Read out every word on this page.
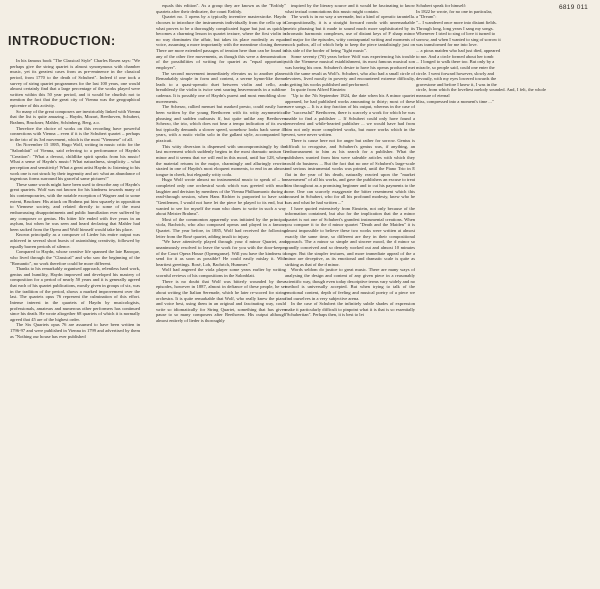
6819 011
INTRODUCTION:

In his famous book "The Classical Style" Charles Rosen says: "We perhaps give the string quartet is almost synonymous with chamber music, yet its greatest cases from as pre-eminence in the classical period, from 1770 to the death of Schubert". Indeed if one took a survey of string quartet programmes for the last 100 years, one would almost certainly find that a large percentage of the works played were written within this 50 year period, and it would be churlish not to mention the fact that the great city of Vienna was the geographical epicentre of this activity.

So many of the great composers are inextricably linked with Vienna that the list is quite amazing – Haydn, Mozart, Beethoven, Schubert, Brahms, Bruckner, Mahler, Schönberg, Berg, a.o.

Therefore the choice of works on this recording have powerful connections with Vienna – even if it is the Schubert quartet – perhaps in the trio of its 3rd movement, which is the most "Viennese" of all.

On November 15 1885, Hugo Wolf, writing in music critic for the "Salonblatt" of Vienna, said referring to a performance of Haydn's "Creation": "What a devout, childlike spirit speaks from his music! What a sense of Haydn's music! What naturalness, simplicity – what perception and sensitivity! What a great artist Haydn is: listening to his work one is not struck by their ingenuity and art: what an abundance of ingenious forms surround his graceful same pictures!"

These same words might have been used to describe any of Haydn's great quartets. Wolf was not known for his kindness towards many of his contemporaries, with the notable exception of Wagner and to some extent, Bruckner. His attack on Brahms put him squarely in opposition to Viennese society, and related directly to some of the most embarrassing disappointments and public humiliation ever suffered by any composer or genius. His bitter life ended with five years in an asylum, but when he was seen and heard declaring that Mahler had been sacked from the Opera and Wolf himself would take his place.

Known principally as a composer of Lieder his entire output was achieved in several short bursts of astonishing creativity, followed by equally barren periods of silence.

Compared to Haydn, whose creative life spanned the late Baroque, who lived through the "Classical" and who saw the beginning of the "Romantic", no work therefore could be more different.

Thanks to his remarkably organised approach, relentless hard work, genius and humility, Haydn improved and developed his mastery of composition for a period of nearly 50 years and it is generally agreed that each of his quartet publications, mostly given in groups of six, was in the tradition of the period, shows a marked improvement over the last. The quartets opus 76 represent the culmination of this effort. Intense interest in the quartets of Haydn by musicologists, professionals, amateurs and numerous other performers has continued since his death. He wrote altogether 68 quartets of which it is normally agreed that 45 are of the highest order.

The Six Quartets opus 76 are assumed to have been written in 1796-97 and were published in Vienna in 1799 and advertised by them as "Nothing our house has ever published

equals this edition". As a group they are known as the "Erdödy" quartets after their dedicatee, the count Erdödy.

Quartet no. 1 opens by a typically inventive masterstroke. Haydn chooses to introduce the instruments individually from the cello up in what proves to be a thoroughly complicated fugue but just as quickly becomes a charming lesson in quartet texture, where the first violin in no way dominates the affair, but takes its place modestly as equal voice, assuming a more importantly with the meantime closing theme. There are more extended passages of tension here than can be found in any of the other five movements, as though this were a demonstration of the possibilities of writing for quartet as "equal opportunity employer".

The second movement immediately elevates us to another plane. Remarkably simple in form and content, a serene hymn-like theme leads to a quasi-operatic duet between violin and cello, and breathlessly the violin is twice sent soaring heavenwards in a sublime cadenza. It is possibly one of Haydn's purest and most ennobling slow movements.

The Scherzo, rallied menuet but marked presto, could easily have been written by the young Beethoven with its witty asymmetrical phrasing and sudden outbursts ff, but quite unlike any Beethoven Scherzo, the trio, which does not bear a tempo indication of its own, but typically demands a slower speed, somehow looks back some 40 years, with a rustic violin solo in the gallant style, accompanied by pizzicati.

This witty diversion is dispensed with uncompromisingly by the last movement which suddenly begins in the most dramatic unison G minor and it seems that we will end in this mood, until bar 128, when the material returns in the major, charmingly and alluringly rewrite strated in one of Haydn's most eloquent moments, to end in an almost tongue in cheek, but elegantly witty coda.

Hugo Wolf wrote almost no instrumental music to speak of – he completed only one orchestral work which was greeted with much laughter and derision by members of the Vienna Philharmonic during a read-through session, when Hans Richter is purported to have said "Gentlemen, I would not have let the piece be played to its end, but I wanted to see for myself the man who dares to write in such a way about Meister Brahms".

Most of the commonton apparently was initiated by the principal viola, Bachrich, who also composed operas and played in a famous Quartet. The year before, in 1885, Wolf had received the following letter from the Rosé quartet, adding insult to injury.

"We have attentively played through your d minor Quartet, and unanimously resolved to leave the work for you with the door-keeper of the Court Opera House (Opernganse). Will you have the kindness to send for it as soon as possible? He could easily mislay it. With heartiest greetings. Rosé, Lob, Bachrich, Hummer."

Wolf had angered the viola player some years earlier by writing scornful reviews of his compositions in the Salonblatt.

There is no doubt that Wolf was bitterly wounded by these episodes, however in 1887, almost in defiance of these people, he set about writing the Italian Serenade, which he later re-scored for string orchestra. It is quite remarkable that Wolf, who really knew the piano and voice best, using them in an original and fascinating way, could write so idiomatically for String Quartet, something that has given pause to so many composers after Beethoven. His output although almost entirely of lieder is thoroughly

inspired by the literary source and it would be fascinating to know what textual connotations this music might contain.

The work is in no way a serenade, but a kind of operatic tarantella. Compositionally, it is a straight forward rondo with unremarkable metric phrasing but it made to sound much more sophisticated by its chromatic harmonic complexes, use of distant keys of F sharp minor and major for the episodes, witty contrapuntal writing and moments of mock pathos, all of which help to keep the piece tantalisingly just on this side of the border of being "light music".

Some seventy (70) years before Wolf was experiencing his trouble with the Viennese musical establishment, its most famous musical son was having his own. Schubert's desire to have his operas produced met with the same result as Wolf's. Schubert, who also had a small circle of devotees, lived mostly in poverty and encountered extreme difficulty, in getting his works published and performed.

In quote from Alfred Einstein:

"Up to the 7th September 1824, the date when his A minor quartet appeared, he had published works amounting to thirty; most of these were songs ... It is a tiny fraction of his output, whereas in the case of the "successful" Beethoven, there is scarcely a work for which he was unable to find a publisher ... If Schubert could only have found a benevolent and while-hearted publisher ... we would have had from him not only more completed works, but more works which in the event, were never written.

There is cause here not for anger but rather for sorrow. Genius is difficult to recognise, and Schubert's genius was, if anything, an embarrassment to him as his search for a publisher. What the publishers wanted from him were saleable articles with which they could do business ... But the fact that no one of Schubert's large-scale and serious instrumental works was printed, until the Piano Trio in E flat in the year of his death, naturally reacted upon the "market assessment" of all his works, and gave the publishers an excuse to treat him throughout as a promising beginner and to cut his payments to the bone. One can scarcely exaggerate the bitter resentment which this aroused in Schubert, who for all his profound modesty, knew who he was and what he had written ..."

I have quoted extensively from Einstein, not only because of the information contained, but also for the implication that the a minor quartet is not one of Schubert's grandest instrumental creations. When you compare it to the d minor quartet "Death and the Maiden" it is almost impossible to believe these two works were written at almost exactly the same time, so different are they in their compositional approach. The a minor so simple and sincere mood, the d minor so grandly conceived and so densely worked out and almost 10 minutes longer. But the simpler textures, and more immediate appeal of the a minor are deceptive, as its emotional and dramatic scale is quite as striking as that of the d minor.

Words seldom do justice to great music. There are many ways of analysing the design and content of any given piece in a reasonably scientific way, though even today descriptive terms vary widely and no method is universally accepted. But when trying to talk of the emotional content, depth of feeling and musical poetry of a piece we find ourselves in a very subjective arena.

In the case of Schubert the infinitely subtle shades of expression make it particularly difficult to pinpoint what it is that is so essentially "Schubertian". Perhaps then, it is best to let

Schubert speak for himself:

In 1822 he wrote, for no one in particular,

a "Dream":

"... I wandered once more into distant fields.

Through long, long years I sang my songs.

Whenever I tried to sing of love it turned to

sorrow, and when I wanted to sing of sorrow it

was transformed for me into love.

... a pious maiden who had just died, appeared

to me. And a circle formed about her tomb

... I longed to walk there too. But only by a

miracle, so people said, could one enter the

circle. I went forward however, slowly and

devoutly, with my eyes lowered towards the

gravestone and before I knew it, I was in the

circle, from which the loveliest melody sounded. And, I felt, the whole measure of eternal

bliss, compressed into a moment's time ..."
